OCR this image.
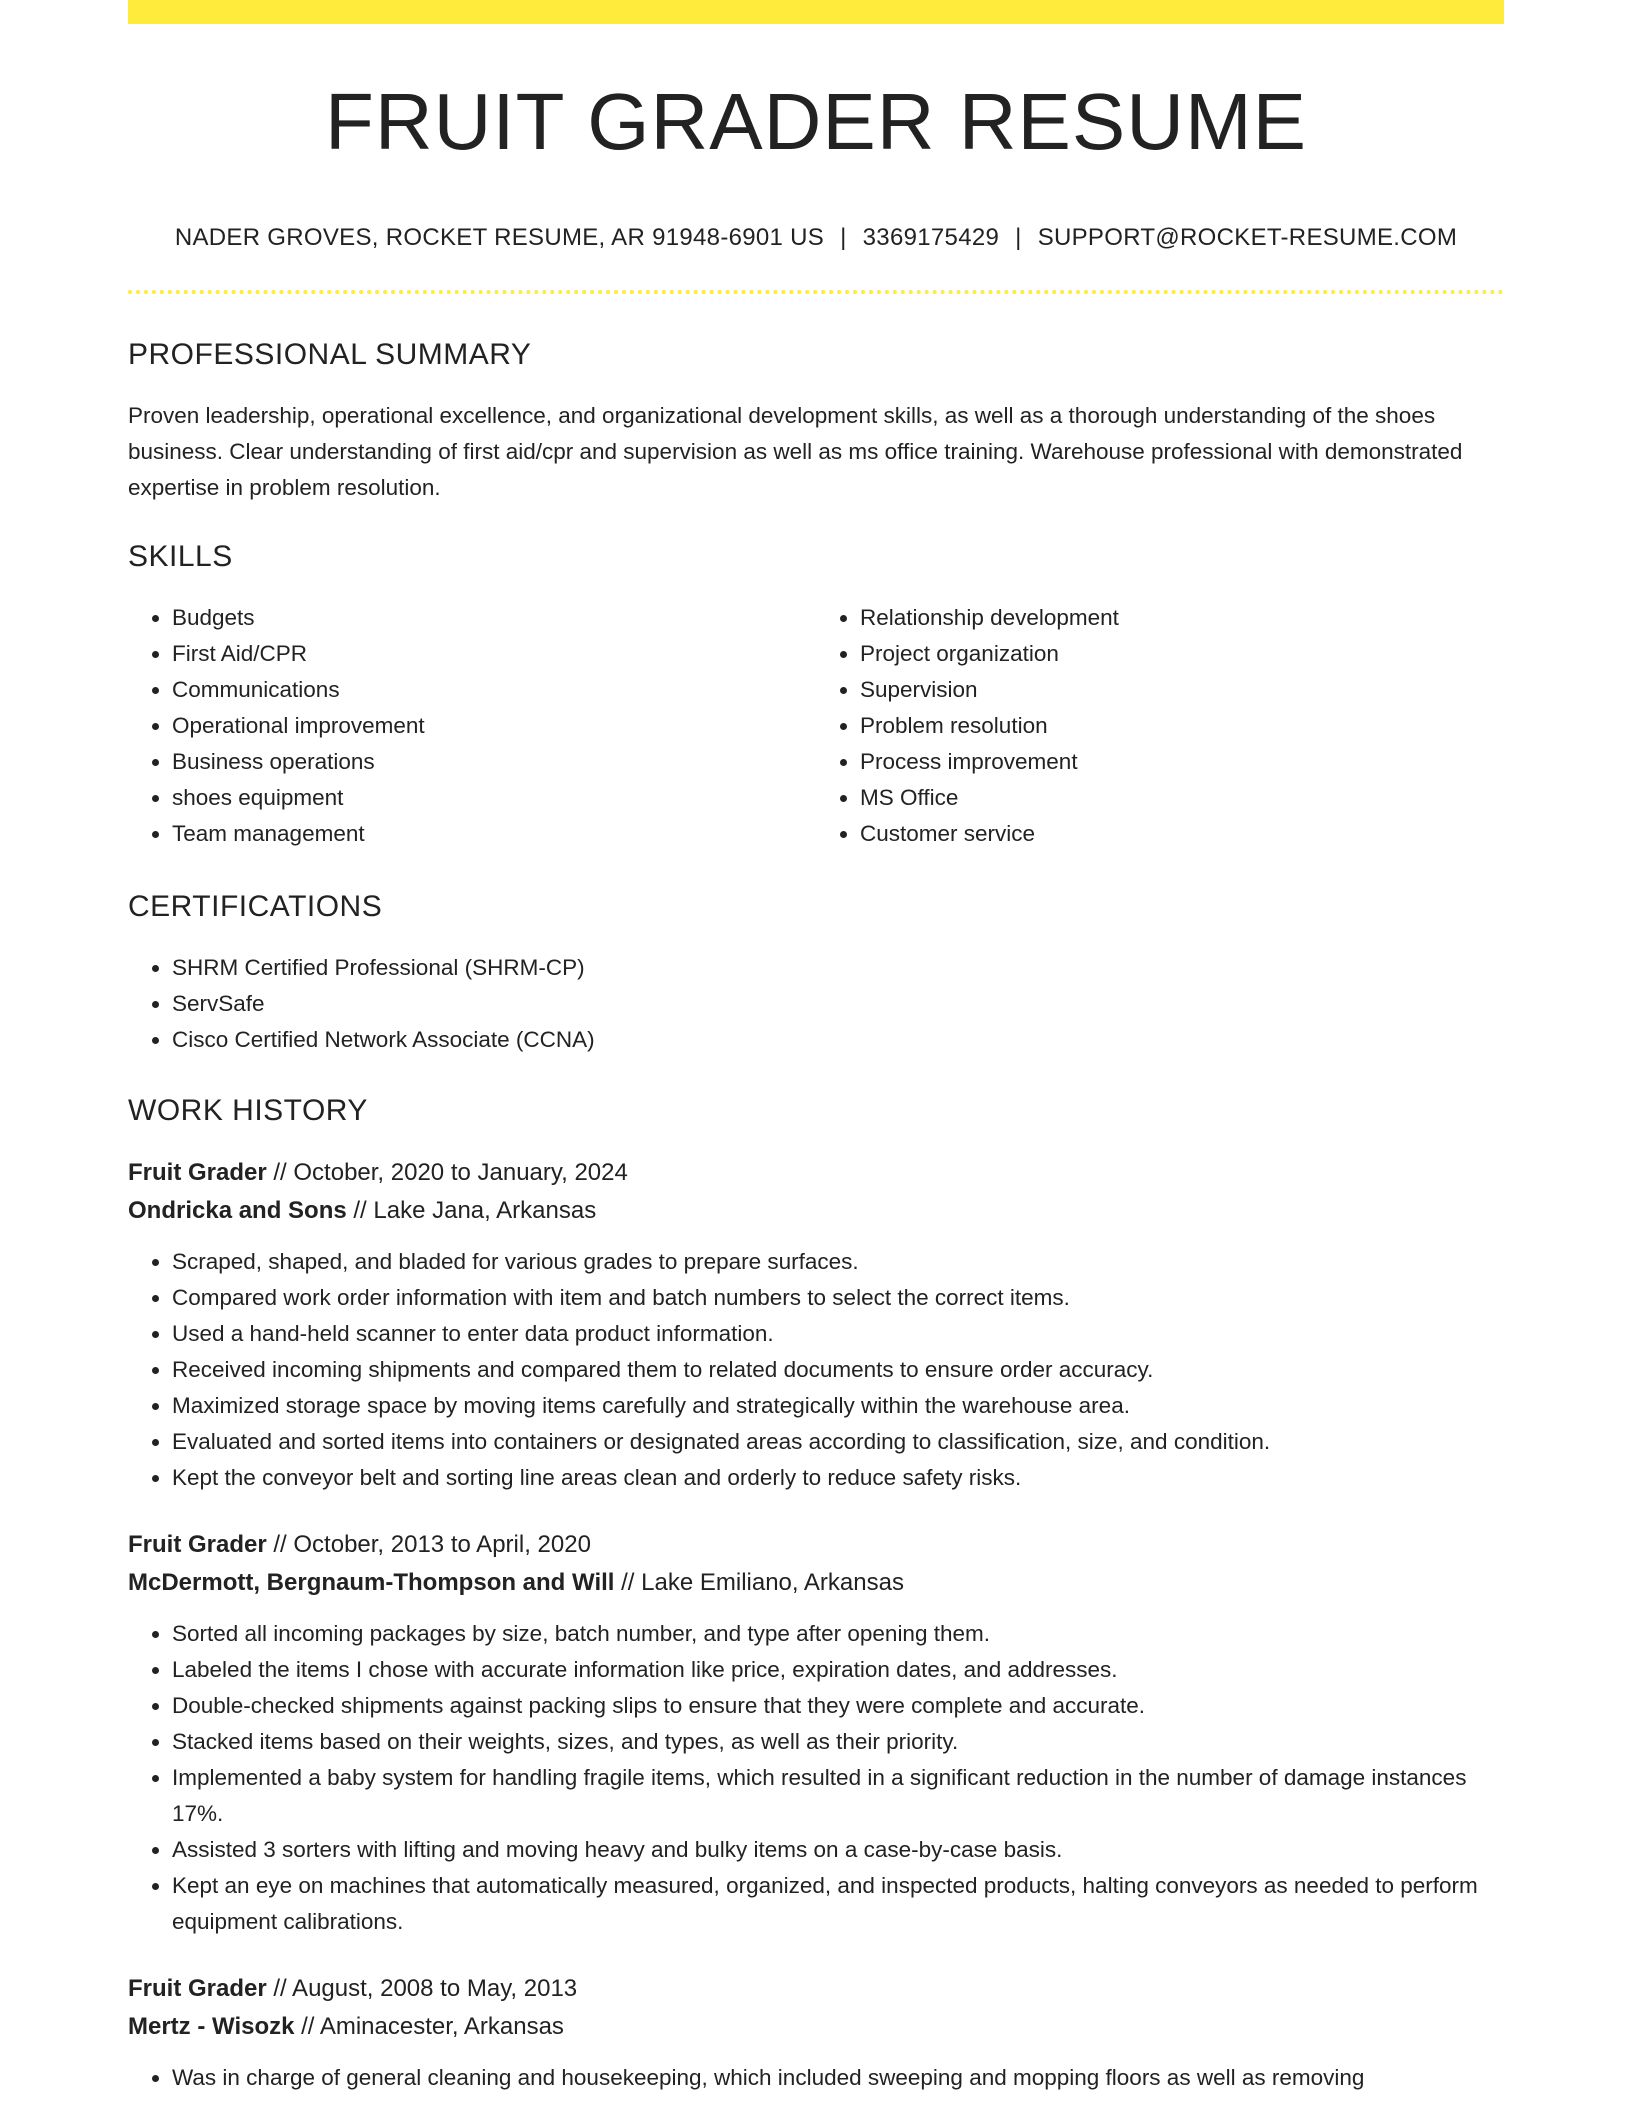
FRUIT GRADER RESUME
NADER GROVES, ROCKET RESUME, AR 91948-6901 US | 3369175429 | SUPPORT@ROCKET-RESUME.COM
PROFESSIONAL SUMMARY
Proven leadership, operational excellence, and organizational development skills, as well as a thorough understanding of the shoes business. Clear understanding of first aid/cpr and supervision as well as ms office training. Warehouse professional with demonstrated expertise in problem resolution.
SKILLS
• Budgets
• First Aid/CPR
• Communications
• Operational improvement
• Business operations
• shoes equipment
• Team management
• Relationship development
• Project organization
• Supervision
• Problem resolution
• Process improvement
• MS Office
• Customer service
CERTIFICATIONS
• SHRM Certified Professional (SHRM-CP)
• ServSafe
• Cisco Certified Network Associate (CCNA)
WORK HISTORY
Fruit Grader // October, 2020 to January, 2024
Ondricka and Sons // Lake Jana, Arkansas
• Scraped, shaped, and bladed for various grades to prepare surfaces.
• Compared work order information with item and batch numbers to select the correct items.
• Used a hand-held scanner to enter data product information.
• Received incoming shipments and compared them to related documents to ensure order accuracy.
• Maximized storage space by moving items carefully and strategically within the warehouse area.
• Evaluated and sorted items into containers or designated areas according to classification, size, and condition.
• Kept the conveyor belt and sorting line areas clean and orderly to reduce safety risks.
Fruit Grader // October, 2013 to April, 2020
McDermott, Bergnaum-Thompson and Will // Lake Emiliano, Arkansas
• Sorted all incoming packages by size, batch number, and type after opening them.
• Labeled the items I chose with accurate information like price, expiration dates, and addresses.
• Double-checked shipments against packing slips to ensure that they were complete and accurate.
• Stacked items based on their weights, sizes, and types, as well as their priority.
• Implemented a baby system for handling fragile items, which resulted in a significant reduction in the number of damage instances 17%.
• Assisted 3 sorters with lifting and moving heavy and bulky items on a case-by-case basis.
• Kept an eye on machines that automatically measured, organized, and inspected products, halting conveyors as needed to perform equipment calibrations.
Fruit Grader // August, 2008 to May, 2013
Mertz - Wisozk // Aminacester, Arkansas
• Was in charge of general cleaning and housekeeping, which included sweeping and mopping floors as well as removing
